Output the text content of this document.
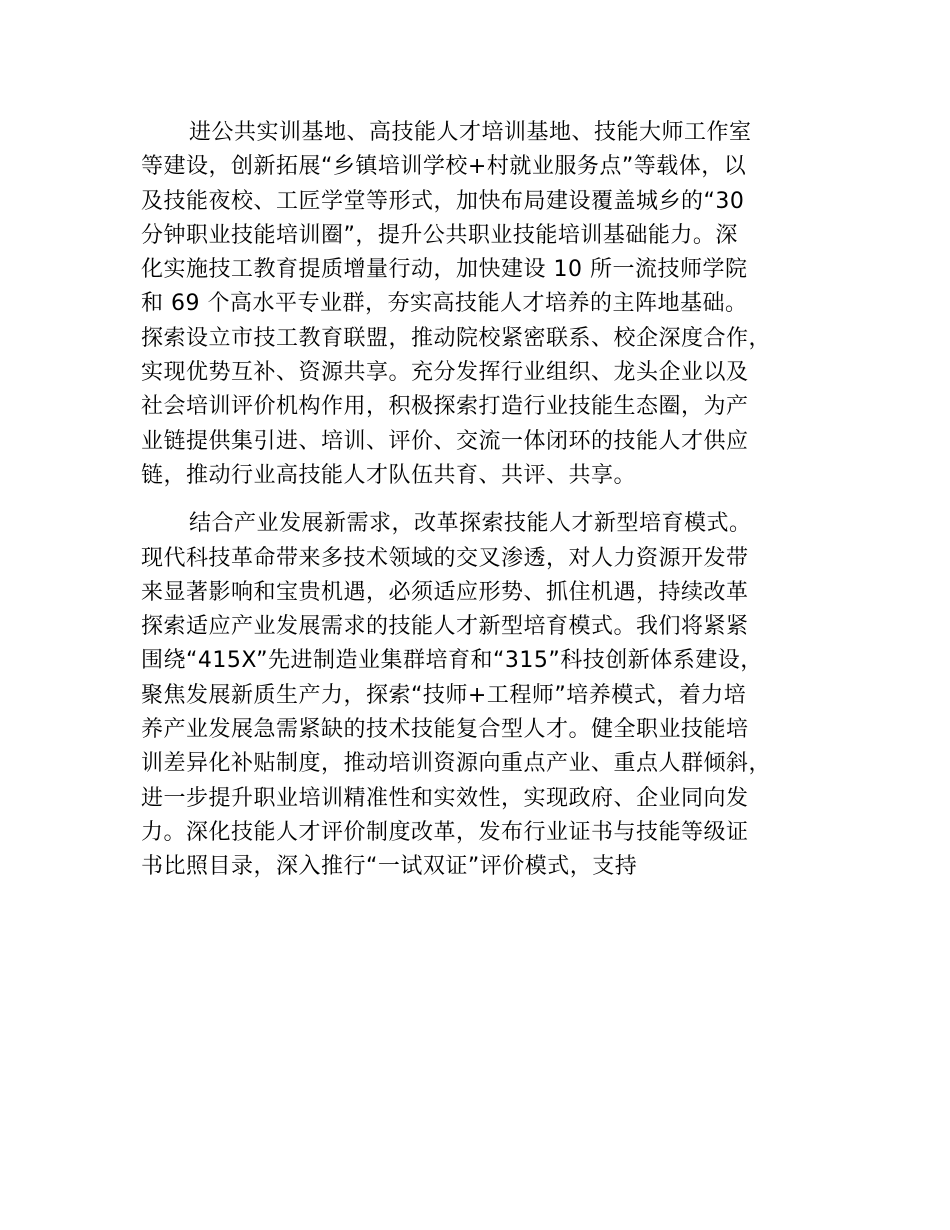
进公共实训基地、高技能人才培训基地、技能大师工作室
等建设，创新拓展“乡镇培训学校+村就业服务点”等载体，以
及技能夜校、工匠学堂等形式，加快布局建设覆盖城乡的“30
分钟职业技能培训圈”，提升公共职业技能培训基础能力。深
化实施技工教育提质增量行动，加快建设 10 所一流技师学院
和 69 个高水平专业群，夯实高技能人才培养的主阵地基础。
探索设立市技工教育联盟，推动院校紧密联系、校企深度合作，
实现优势互补、资源共享。充分发挥行业组织、龙头企业以及
社会培训评价机构作用，积极探索打造行业技能生态圈，为产
业链提供集引进、培训、评价、交流一体闭环的技能人才供应
链，推动行业高技能人才队伍共育、共评、共享。

结合产业发展新需求，改革探索技能人才新型培育模式。
现代科技革命带来多技术领域的交叉渗透，对人力资源开发带
来显著影响和宝贵机遇，必须适应形势、抓住机遇，持续改革
探索适应产业发展需求的技能人才新型培育模式。我们将紧紧
围绕“415X”先进制造业集群培育和“315”科技创新体系建设，
聚焦发展新质生产力，探索“技师+工程师”培养模式，着力培
养产业发展急需紧缺的技术技能复合型人才。健全职业技能培
训差异化补贴制度，推动培训资源向重点产业、重点人群倾斜，
进一步提升职业培训精准性和实效性，实现政府、企业同向发
力。深化技能人才评价制度改革，发布行业证书与技能等级证
书比照目录，深入推行“一试双证”评价模式，支持
